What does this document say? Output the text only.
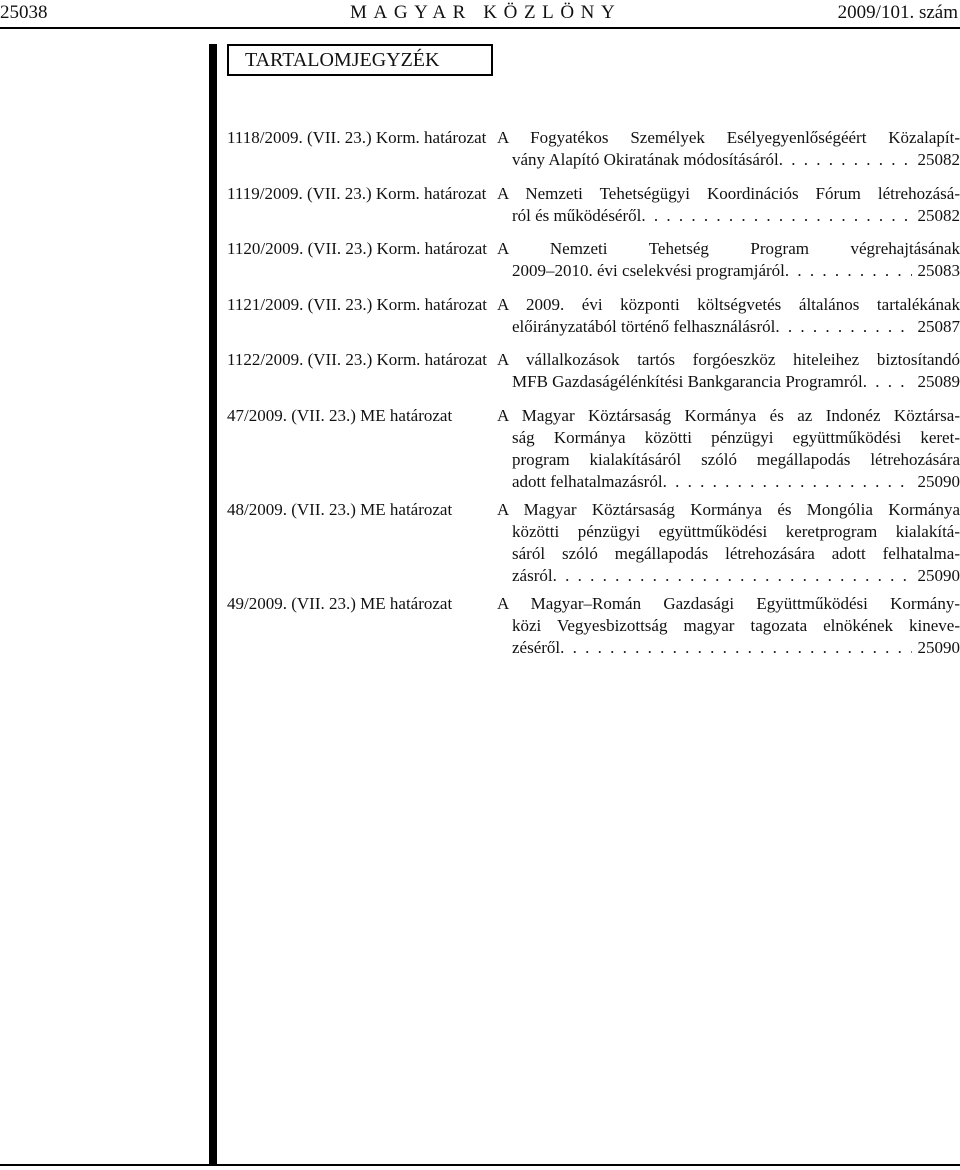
25038	MAGYAR KÖZLÖNY	2009/101. szám
TARTALOMJEGYZÉK
1118/2009. (VII. 23.) Korm. határozat A Fogyatékos Személyek Esélyegyenlőségéért Közalapít-
vány Alapító Okiratának módosításáról . . .	25082
1119/2009. (VII. 23.) Korm. határozat A Nemzeti Tehetségügyi Koordinációs Fórum létrehozásá-
ról és működéséről . . .	25082
1120/2009. (VII. 23.) Korm. határozat A Nemzeti Tehetség Program végrehajtásának
2009–2010. évi cselekvési programjáról . . .	25083
1121/2009. (VII. 23.) Korm. határozat A 2009. évi központi költségvetés általános tartalékának
előirányzatából történő felhasználásról . . .	25087
1122/2009. (VII. 23.) Korm. határozat A vállalkozások tartós forgóeszköz hiteleihez biztosítandó
MFB Gazdaságélénkítési Bankgarancia Programról . . .	25089
47/2009. (VII. 23.) ME határozat	A Magyar Köztársaság Kormánya és az Indonéz Köztársa-
ság Kormánya közötti pénzügyi együttműködési keret-
program kialakításáról szóló megállapodás létrehozására
adott felhatalmazásról . . .	25090
48/2009. (VII. 23.) ME határozat	A Magyar Köztársaság Kormánya és Mongólia Kormánya
közötti pénzügyi együttműködési keretprogram kialakítá-
sáról szóló megállapodás létrehozására adott felhatalma-
zásról . . .	25090
49/2009. (VII. 23.) ME határozat	A Magyar–Román Gazdasági Együttműködési Kormány-
közi Vegyesbizottság magyar tagozata elnökének kineve-
zéséről . . .	25090
